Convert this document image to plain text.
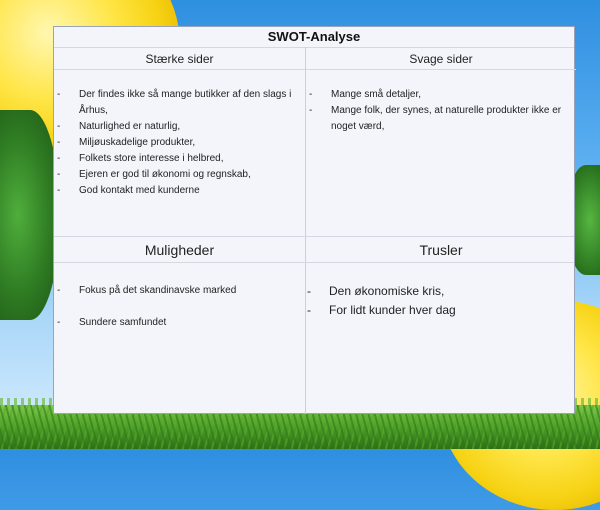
SWOT-Analyse
Stærke sider
- Der findes ikke så mange butikker af den slags i Århus,
- Naturlighed er naturlig,
- Miljøuskadelige produkter,
- Folkets store interesse i helbred,
- Ejeren er god til økonomi og regnskab,
- God kontakt med kunderne
Svage sider
- Mange små detaljer,
- Mange folk, der synes, at naturelle produkter ikke er noget værd,
Muligheder
- Fokus på det skandinavske marked
- Sundere samfundet
Trusler
- Den økonomiske kris,
- For lidt kunder hver dag
